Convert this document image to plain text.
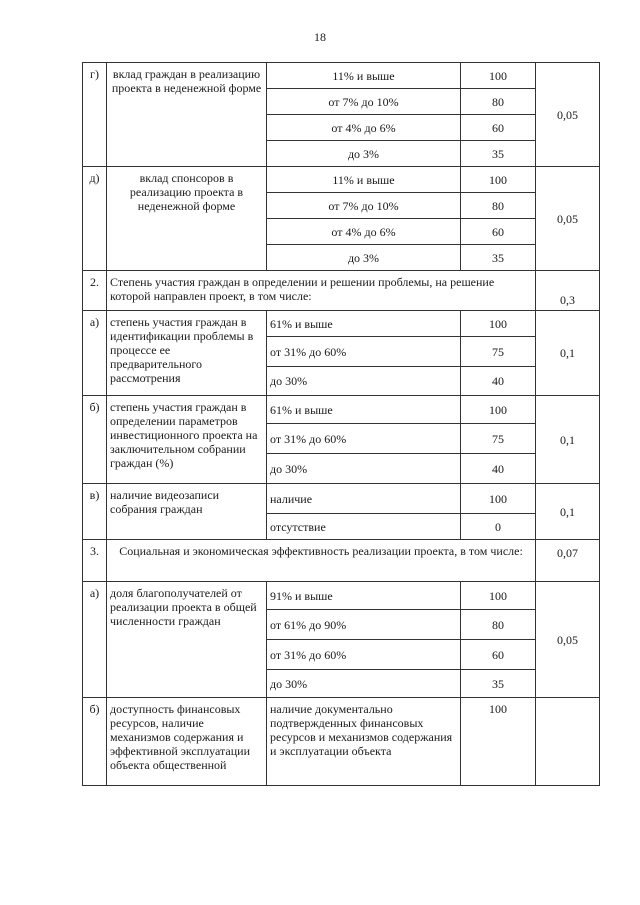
18
г)	вклад граждан в реализацию проекта в неденежной форме	11% и выше	100	0,05
		от 7% до 10%	80	
		от 4% до 6%	60	
		до 3%	35	
д)	вклад спонсоров в реализацию проекта в неденежной форме	11% и выше	100	0,05
		от 7% до 10%	80	
		от 4% до 6%	60	
		до 3%	35	
2.	Степень участия граждан в определении и решении проблемы, на решение которой направлен проект, в том числе:			0,3
а)	степень участия граждан в идентификации проблемы в процессе ее предварительного рассмотрения	61% и выше	100	0,1
		от 31% до 60%	75	
		до 30%	40	
б)	степень участия граждан в определении параметров инвестиционного проекта на заключительном собрании граждан (%)	61% и выше	100	0,1
		от 31% до 60%	75	
		до 30%	40	
в)	наличие видеозаписи собрания граждан	наличие	100	0,1
		отсутствие	0	
3.	Социальная и экономическая эффективность реализации проекта, в том числе:			0,07
а)	доля благополучателей от реализации проекта в общей численности граждан	91% и выше	100	0,05
		от 61% до 90%	80	
		от 31% до 60%	60	
		до 30%	35	
б)	доступность финансовых ресурсов, наличие механизмов содержания и эффективной эксплуатации объекта общественной	наличие документально подтвержденных финансовых ресурсов и механизмов содержания и эксплуатации объекта	100	
